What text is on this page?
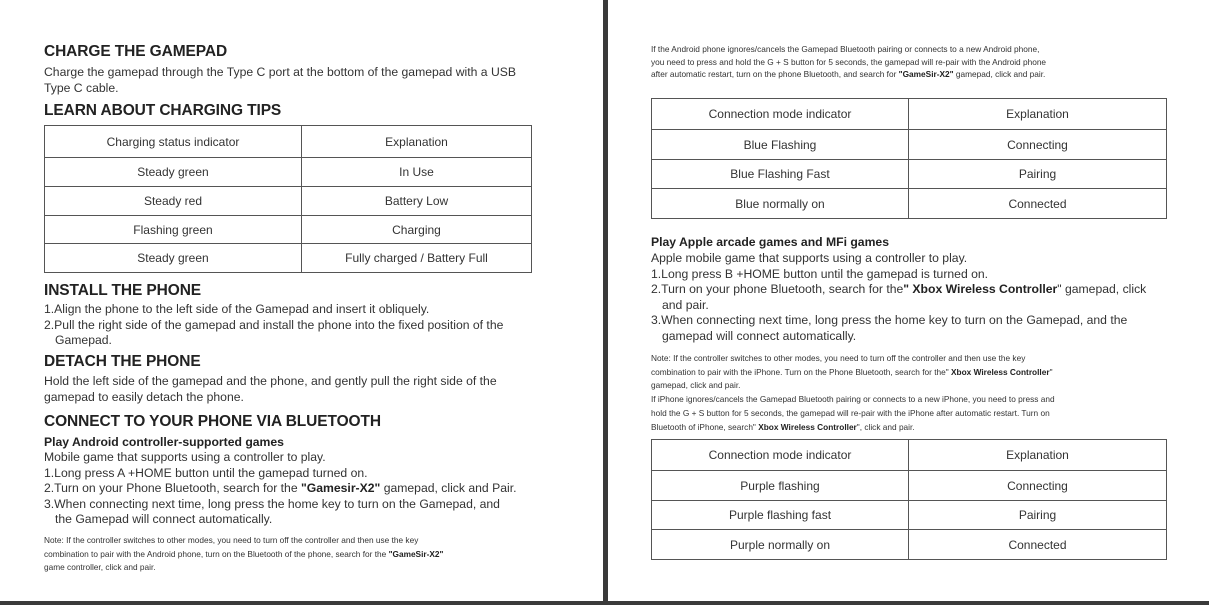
CHARGE THE GAMEPAD
Charge the gamepad through the Type C port at the bottom of the gamepad with a USB
Type C cable.
LEARN ABOUT CHARGING TIPS
Charging status indicator	Explanation
Steady green	In Use
Steady red	Battery Low
Flashing green	Charging
Steady green	Fully charged / Battery Full
INSTALL THE PHONE
1.Align the phone to the left side of the Gamepad and insert it obliquely.
2.Pull the right side of the gamepad and install the phone into the fixed position of the
Gamepad.
DETACH THE PHONE
Hold the left side of the gamepad and the phone, and gently pull the right side of the
gamepad to easily detach the phone.
CONNECT TO YOUR PHONE VIA BLUETOOTH
Play Android controller-supported games
Mobile game that supports using a controller to play.
1.Long press A +HOME button until the gamepad turned on.
2.Turn on your Phone Bluetooth, search for the "Gamesir-X2" gamepad, click and Pair.
3.When connecting next time, long press the home key to turn on the Gamepad, and
the Gamepad will connect automatically.
Note: If the controller switches to other modes, you need to turn off the controller and then use the key
combination to pair with the Android phone, turn on the Bluetooth of the phone, search for the "GameSir-X2"
game controller, click and pair.
If the Android phone ignores/cancels the Gamepad Bluetooth pairing or connects to a new Android phone,
you need to press and hold the G + S button for 5 seconds, the gamepad will re-pair with the Android phone
after automatic restart, turn on the phone Bluetooth, and search for "GameSir-X2" gamepad, click and pair.
Connection mode indicator	Explanation
Blue Flashing	Connecting
Blue Flashing Fast	Pairing
Blue normally on	Connected
Play Apple arcade games and MFi games
Apple mobile game that supports using a controller to play.
1.Long press B +HOME button until the gamepad is turned on.
2.Turn on your phone Bluetooth, search for the" Xbox Wireless Controller" gamepad, click
and pair.
3.When connecting next time, long press the home key to turn on the Gamepad, and the
gamepad will connect automatically.
Note: If the controller switches to other modes, you need to turn off the controller and then use the key
combination to pair with the iPhone. Turn on the Phone Bluetooth, search for the" Xbox Wireless Controller"
gamepad, click and pair.
If iPhone ignores/cancels the Gamepad Bluetooth pairing or connects to a new iPhone, you need to press and
hold the G + S button for 5 seconds, the gamepad will re-pair with the iPhone after automatic restart. Turn on
Bluetooth of iPhone, search" Xbox Wireless Controller", click and pair.
Connection mode indicator	Explanation
Purple flashing	Connecting
Purple flashing fast	Pairing
Purple normally on	Connected
